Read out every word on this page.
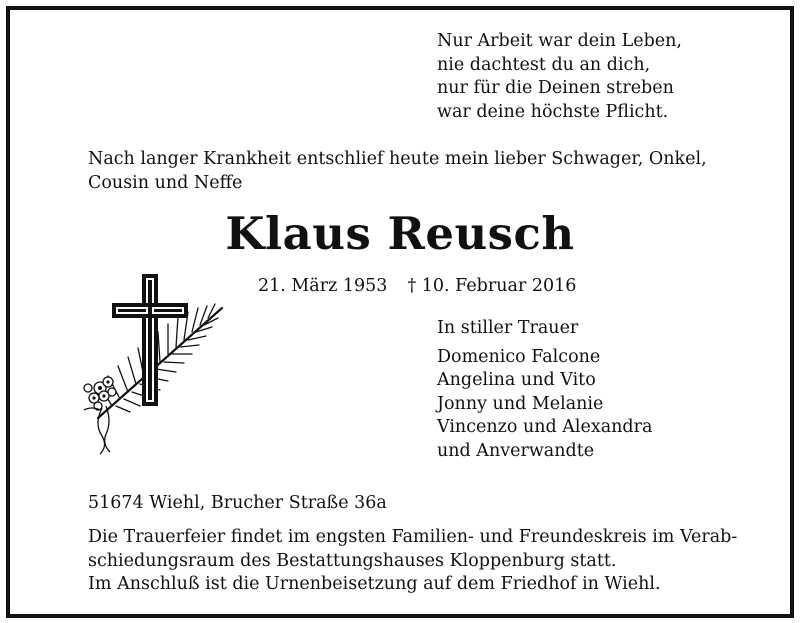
Nur Arbeit war dein Leben,
nie dachtest du an dich,
nur für die Deinen streben
war deine höchste Pflicht.
Nach langer Krankheit entschlief heute mein lieber Schwager, Onkel,
Cousin und Neffe
Klaus Reusch
21. März 1953 † 10. Februar 2016
In stiller Trauer
Domenico Falcone
Angelina und Vito
Jonny und Melanie
Vincenzo und Alexandra
und Anverwandte
51674 Wiehl, Brucher Straße 36a
Die Trauerfeier findet im engsten Familien- und Freundeskreis im Verab-
schiedungsraum des Bestattungshauses Kloppenburg statt.
Im Anschluß ist die Urnenbeisetzung auf dem Friedhof in Wiehl.
